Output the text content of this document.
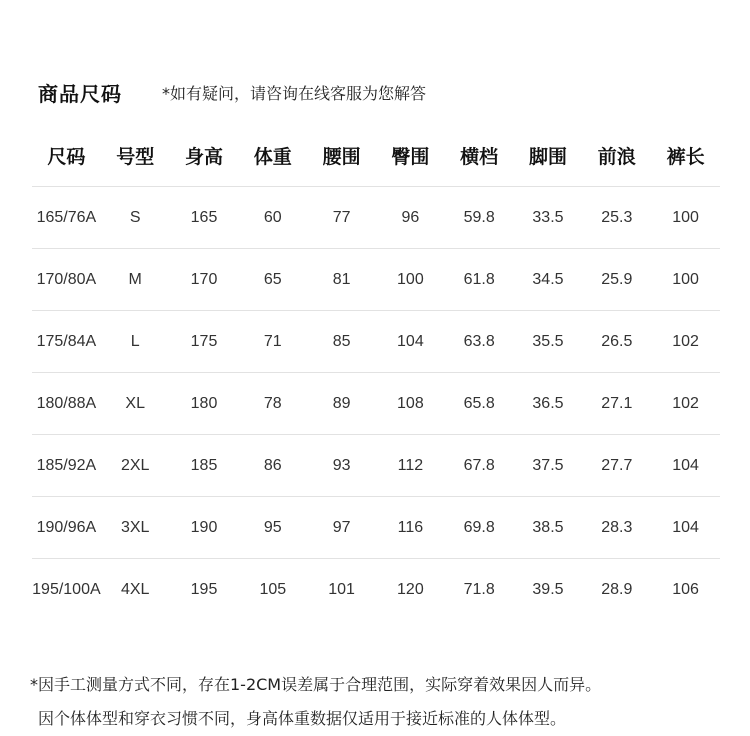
商品尺码	*如有疑问，请咨询在线客服为您解答
尺码	号型	身高	体重	腰围	臀围	横档	脚围	前浪	裤长
165/76A	S	165	60	77	96	59.8	33.5	25.3	100
170/80A	M	170	65	81	100	61.8	34.5	25.9	100
175/84A	L	175	71	85	104	63.8	35.5	26.5	102
180/88A	XL	180	78	89	108	65.8	36.5	27.1	102
185/92A	2XL	185	86	93	112	67.8	37.5	27.7	104
190/96A	3XL	190	95	97	116	69.8	38.5	28.3	104
195/100A	4XL	195	105	101	120	71.8	39.5	28.9	106
*因手工测量方式不同，存在1-2CM误差属于合理范围，实际穿着效果因人而异。
因个体体型和穿衣习惯不同，身高体重数据仅适用于接近标准的人体体型。
